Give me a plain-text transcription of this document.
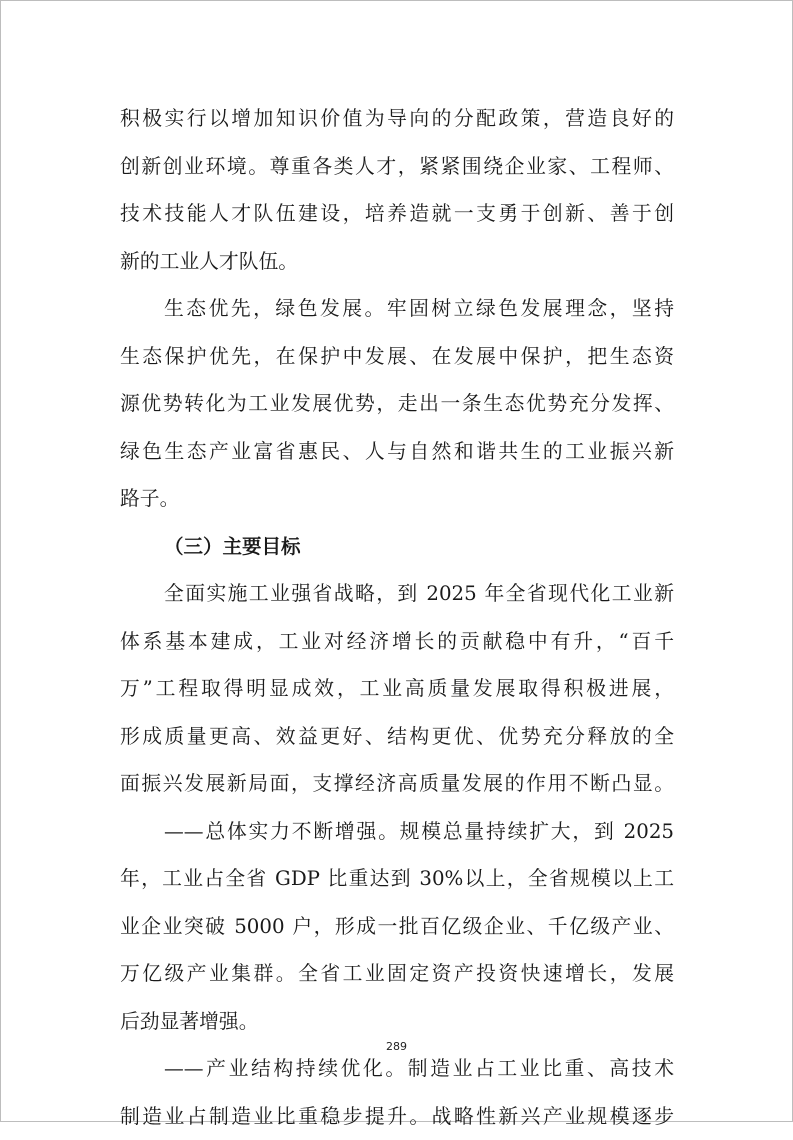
积极实行以增加知识价值为导向的分配政策，营造良好的
创新创业环境。尊重各类人才，紧紧围绕企业家、工程师、
技术技能人才队伍建设，培养造就一支勇于创新、善于创
新的工业人才队伍。
生态优先，绿色发展。牢固树立绿色发展理念，坚持
生态保护优先，在保护中发展、在发展中保护，把生态资
源优势转化为工业发展优势，走出一条生态优势充分发挥、
绿色生态产业富省惠民、人与自然和谐共生的工业振兴新
路子。
（三）主要目标
全面实施工业强省战略，到 2025 年全省现代化工业新
体系基本建成，工业对经济增长的贡献稳中有升，“百千
万”工程取得明显成效，工业高质量发展取得积极进展，
形成质量更高、效益更好、结构更优、优势充分释放的全
面振兴发展新局面，支撑经济高质量发展的作用不断凸显。
——总体实力不断增强。规模总量持续扩大，到 2025
年，工业占全省 GDP 比重达到 30%以上，全省规模以上工
业企业突破 5000 户，形成一批百亿级企业、千亿级产业、
万亿级产业集群。全省工业固定资产投资快速增长，发展
后劲显著增强。
——产业结构持续优化。制造业占工业比重、高技术
制造业占制造业比重稳步提升。战略性新兴产业规模逐步
289
